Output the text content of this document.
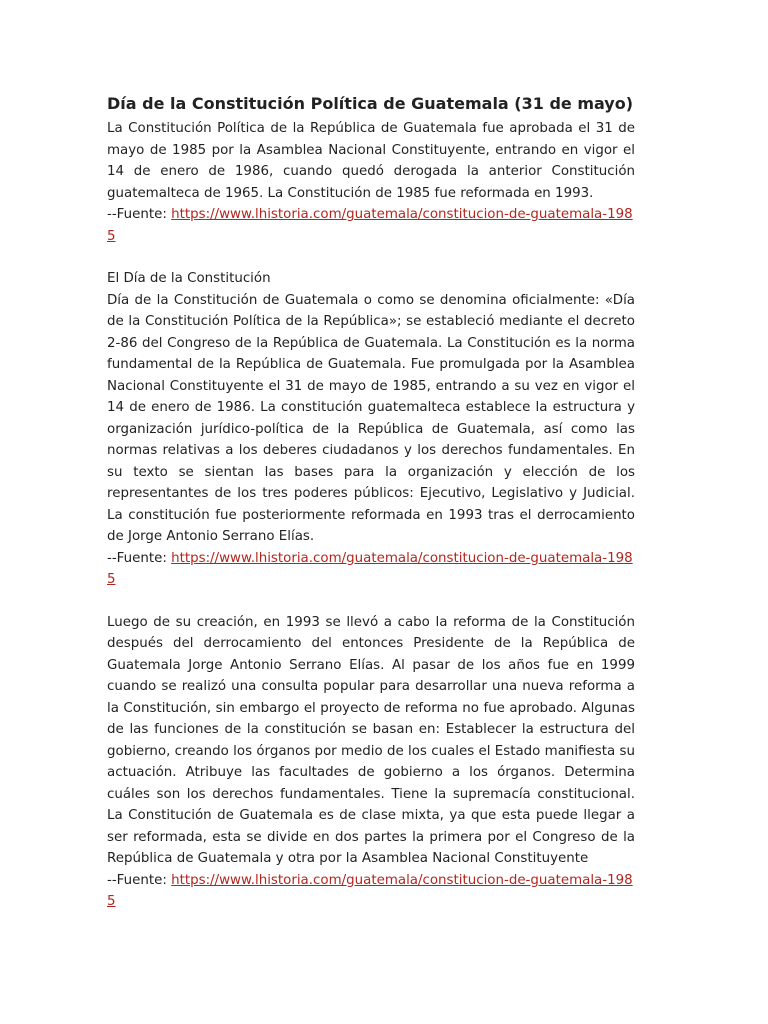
Día de la Constitución Política de Guatemala (31 de mayo)

La Constitución Política de la República de Guatemala fue aprobada el 31 de mayo de 1985 por la Asamblea Nacional Constituyente, entrando en vigor el 14 de enero de 1986, cuando quedó derogada la anterior Constitución guatemalteca de 1965. La Constitución de 1985 fue reformada en 1993.

--Fuente: https://www.lhistoria.com/guatemala/constitucion-de-guatemala-1985

El Día de la Constitución

Día de la Constitución de Guatemala o como se denomina oficialmente: «Día de la Constitución Política de la República»; se estableció mediante el decreto 2-86 del Congreso de la República de Guatemala. La Constitución es la norma fundamental de la República de Guatemala. Fue promulgada por la Asamblea Nacional Constituyente el 31 de mayo de 1985, entrando a su vez en vigor el 14 de enero de 1986. La constitución guatemalteca establece la estructura y organización jurídico-política de la República de Guatemala, así como las normas relativas a los deberes ciudadanos y los derechos fundamentales. En su texto se sientan las bases para la organización y elección de los representantes de los tres poderes públicos: Ejecutivo, Legislativo y Judicial. La constitución fue posteriormente reformada en 1993 tras el derrocamiento de Jorge Antonio Serrano Elías.

--Fuente: https://www.lhistoria.com/guatemala/constitucion-de-guatemala-1985

Luego de su creación, en 1993 se llevó a cabo la reforma de la Constitución después del derrocamiento del entonces Presidente de la República de Guatemala Jorge Antonio Serrano Elías. Al pasar de los años fue en 1999 cuando se realizó una consulta popular para desarrollar una nueva reforma a la Constitución, sin embargo el proyecto de reforma no fue aprobado. Algunas de las funciones de la constitución se basan en: Establecer la estructura del gobierno, creando los órganos por medio de los cuales el Estado manifiesta su actuación. Atribuye las facultades de gobierno a los órganos. Determina cuáles son los derechos fundamentales. Tiene la supremacía constitucional. La Constitución de Guatemala es de clase mixta, ya que esta puede llegar a ser reformada, esta se divide en dos partes la primera por el Congreso de la República de Guatemala y otra por la Asamblea Nacional Constituyente

--Fuente: https://www.lhistoria.com/guatemala/constitucion-de-guatemala-1985
